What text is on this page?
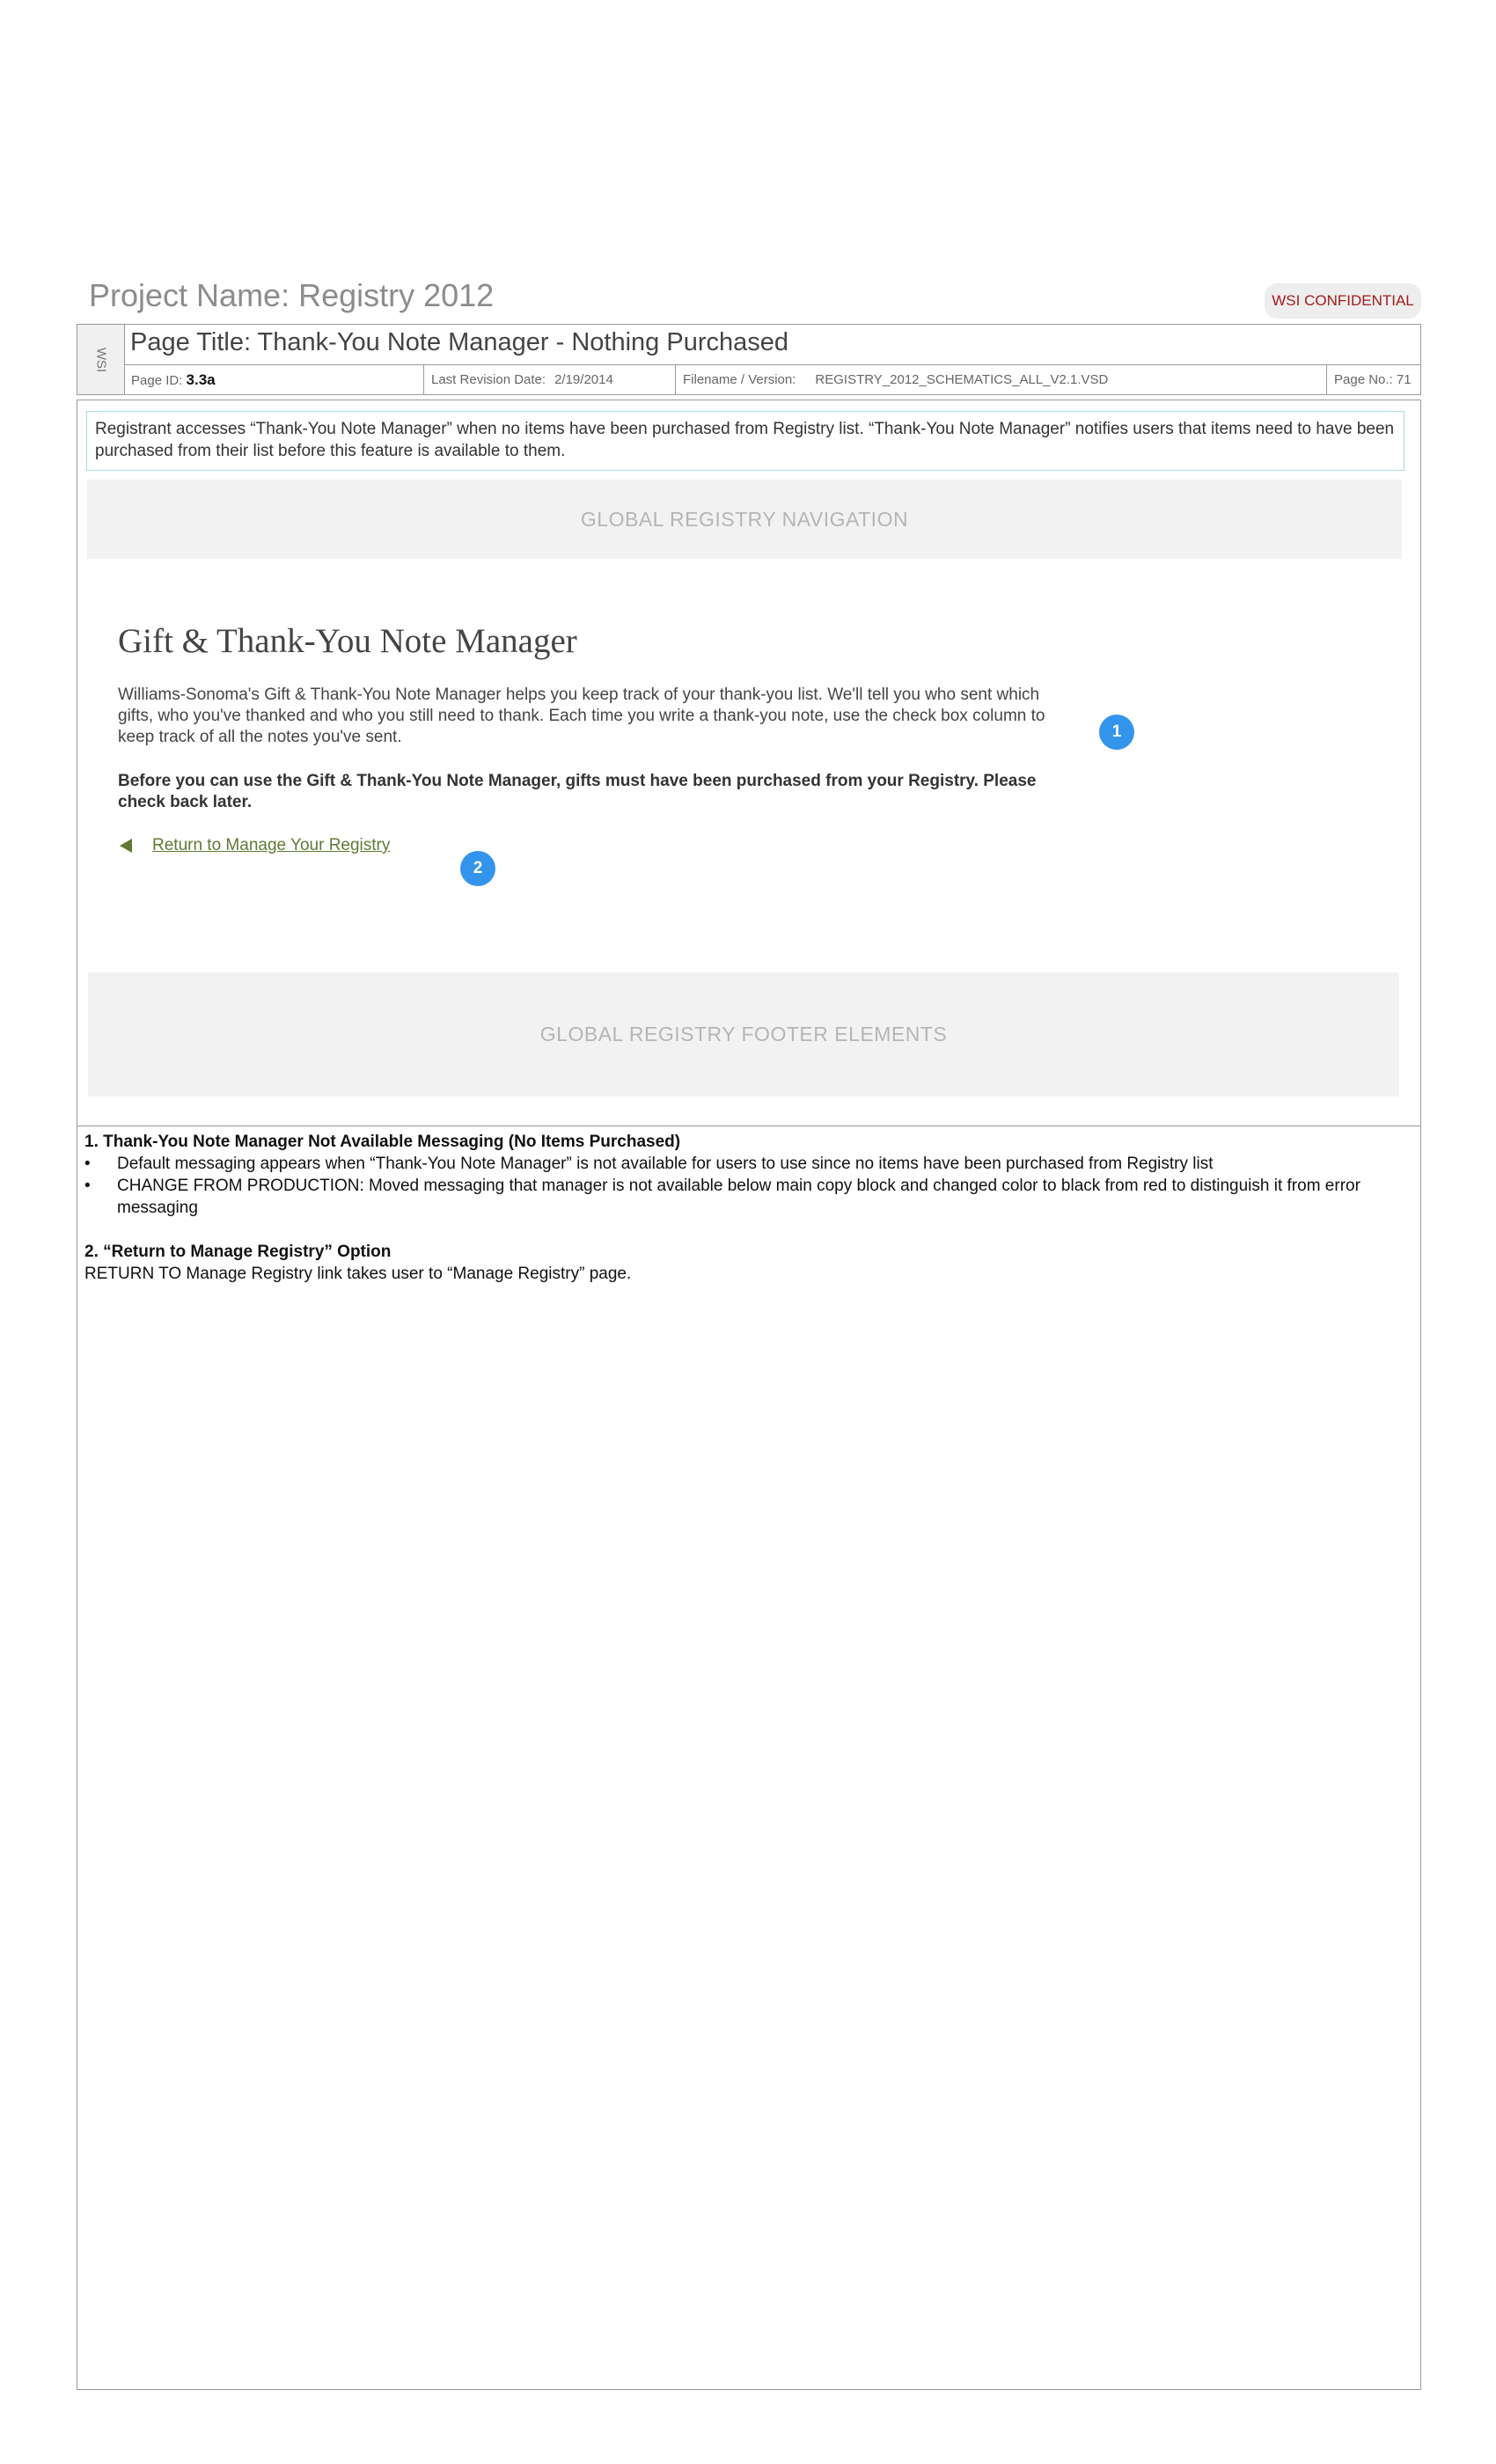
Project Name: Registry 2012	WSI CONFIDENTIAL
WSI
Page Title: Thank-You Note Manager - Nothing Purchased
Page ID: 3.3a	Last Revision Date: 2/19/2014	Filename / Version: REGISTRY_2012_SCHEMATICS_ALL_V2.1.VSD	Page No.: 71
Registrant accesses “Thank-You Note Manager” when no items have been purchased from Registry list. “Thank-You Note Manager” notifies users that items need to have been purchased from their list before this feature is available to them.
GLOBAL REGISTRY NAVIGATION
Gift & Thank-You Note Manager

Williams-Sonoma's Gift & Thank-You Note Manager helps you keep track of your thank-you list. We'll tell you who sent which gifts, who you've thanked and who you still need to thank. Each time you write a thank-you note, use the check box column to keep track of all the notes you've sent.

Before you can use the Gift & Thank-You Note Manager, gifts must have been purchased from your Registry. Please check back later.

Return to Manage Your Registry
1
2
GLOBAL REGISTRY FOOTER ELEMENTS

1. Thank-You Note Manager Not Available Messaging (No Items Purchased)

•	Default messaging appears when “Thank-You Note Manager” is not available for users to use since no items have been purchased from Registry list
•	CHANGE FROM PRODUCTION: Moved messaging that manager is not available below main copy block and changed color to black from red to distinguish it from error messaging

2. “Return to Manage Registry” Option

RETURN TO Manage Registry link takes user to “Manage Registry” page.
